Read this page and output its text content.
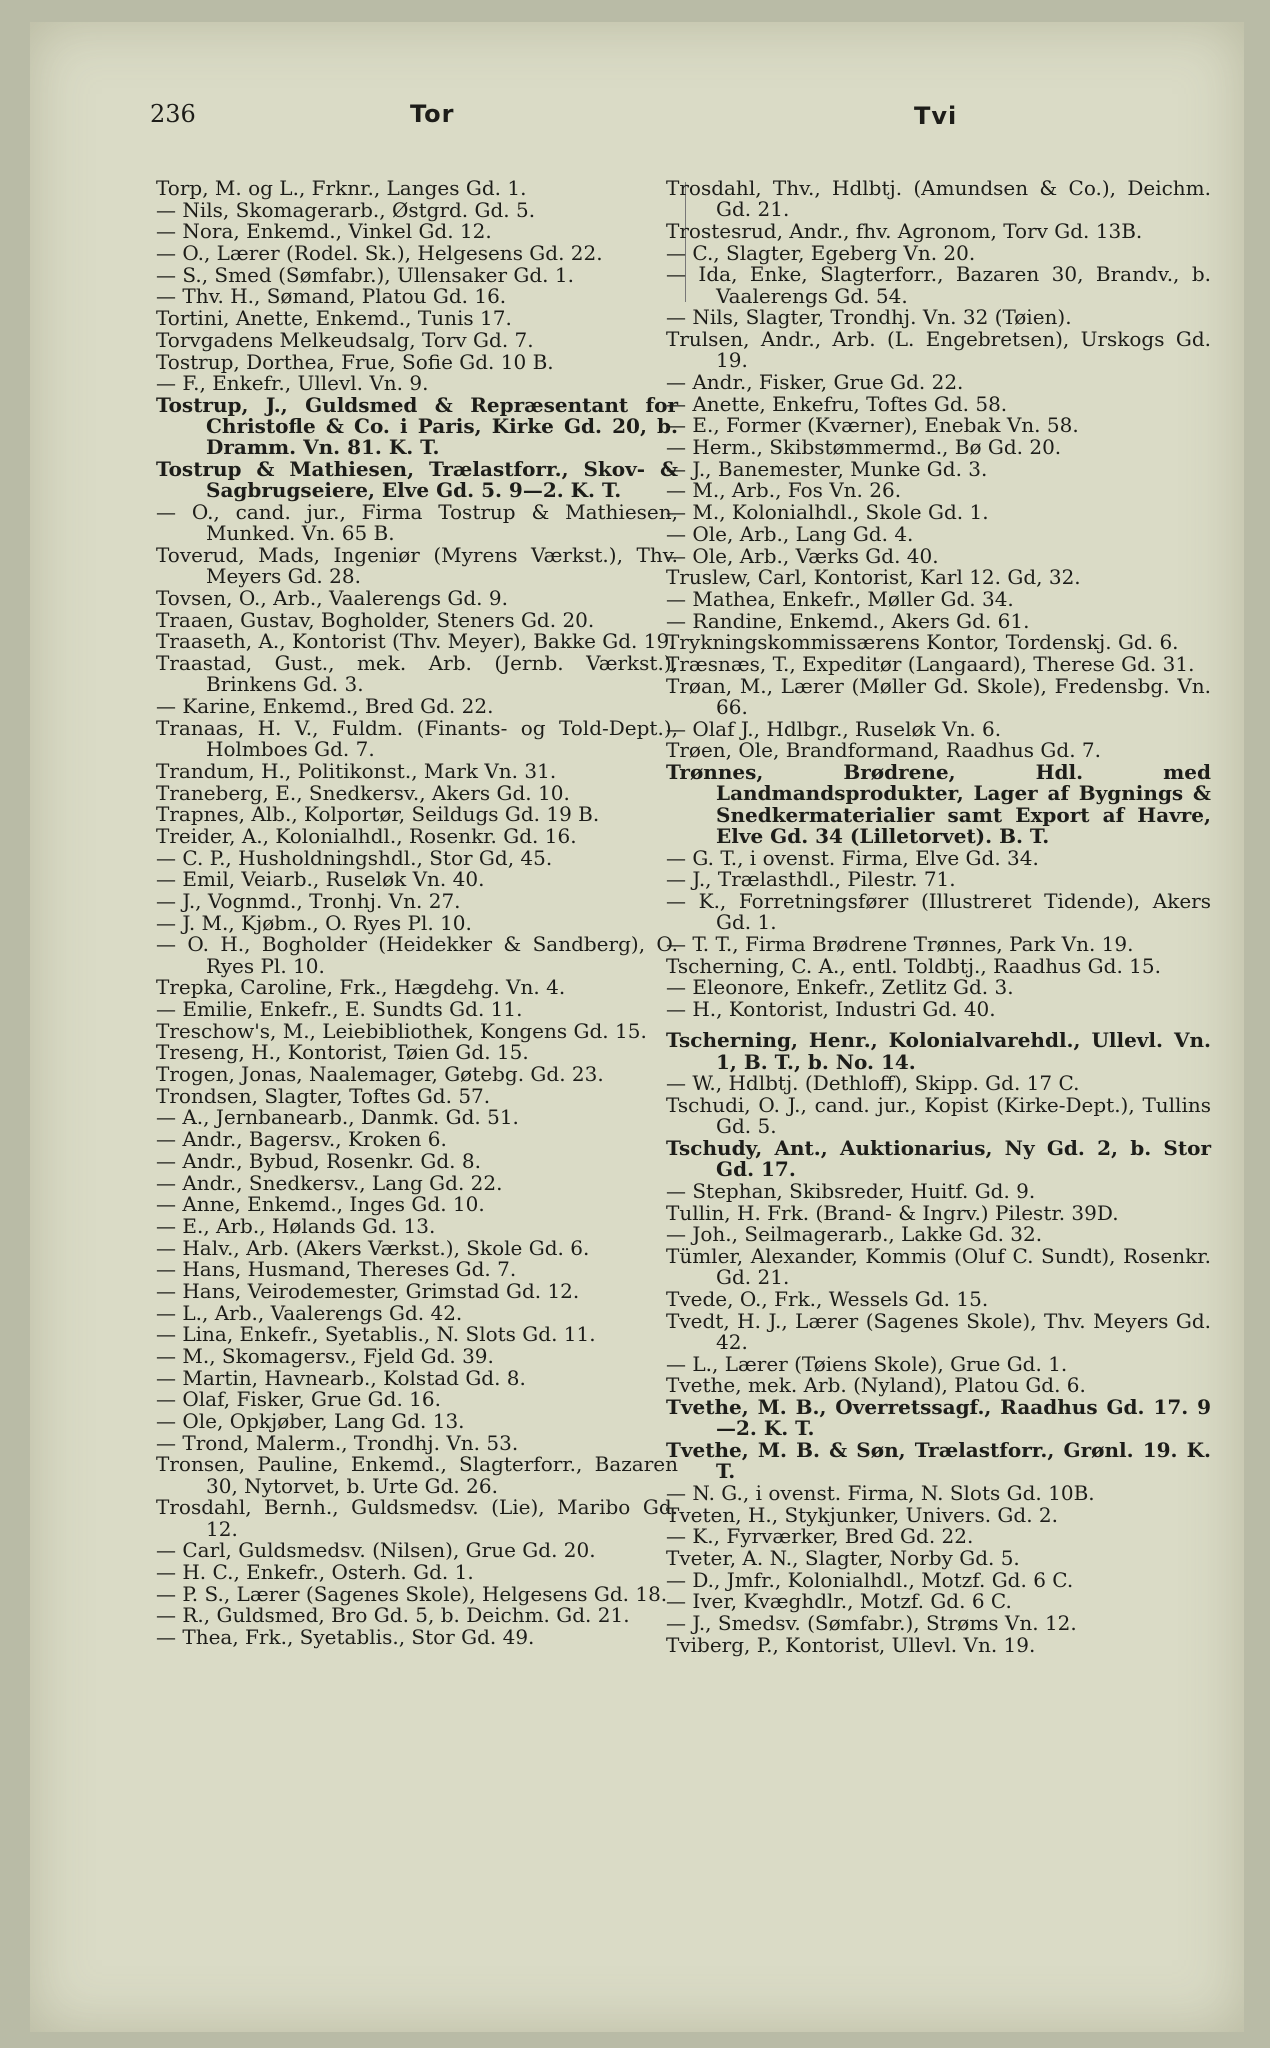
236	Tor	Tvi
Torp, M. og L., Frknr., Langes Gd. 1.
— Nils, Skomagerarb., Østgrd. Gd. 5.
— Nora, Enkemd., Vinkel Gd. 12.
— O., Lærer (Rodel. Sk.), Helgesens Gd. 22.
— S., Smed (Sømfabr.), Ullensaker Gd. 1.
— Thv. H., Sømand, Platou Gd. 16.
Tortini, Anette, Enkemd., Tunis 17.
Torvgadens Melkeudsalg, Torv Gd. 7.
Tostrup, Dorthea, Frue, Sofie Gd. 10 B.
— F., Enkefr., Ullevl. Vn. 9.
Tostrup, J., Guldsmed & Repræsentant for Christofle & Co. i Paris, Kirke Gd. 20, b. Dramm. Vn. 81. K. T.
Tostrup & Mathiesen, Trælastforr., Skov- & Sagbrugseiere, Elve Gd. 5. 9—2. K. T.
— O., cand. jur., Firma Tostrup & Mathiesen, Munked. Vn. 65 B.
Toverud, Mads, Ingeniør (Myrens Værkst.), Thv. Meyers Gd. 28.
Tovsen, O., Arb., Vaalerengs Gd. 9.
Traaen, Gustav, Bogholder, Steners Gd. 20.
Traaseth, A., Kontorist (Thv. Meyer), Bakke Gd. 19.
Traastad, Gust., mek. Arb. (Jernb. Værkst.), Brinkens Gd. 3.
— Karine, Enkemd., Bred Gd. 22.
Tranaas, H. V., Fuldm. (Finants- og Told-Dept.), Holmboes Gd. 7.
Trandum, H., Politikonst., Mark Vn. 31.
Traneberg, E., Snedkersv., Akers Gd. 10.
Trapnes, Alb., Kolportør, Seildugs Gd. 19 B.
Treider, A., Kolonialhdl., Rosenkr. Gd. 16.
— C. P., Husholdningshdl., Stor Gd, 45.
— Emil, Veiarb., Ruseløk Vn. 40.
— J., Vognmd., Tronhj. Vn. 27.
— J. M., Kjøbm., O. Ryes Pl. 10.
— O. H., Bogholder (Heidekker & Sandberg), O. Ryes Pl. 10.
Trepka, Caroline, Frk., Hægdehg. Vn. 4.
— Emilie, Enkefr., E. Sundts Gd. 11.
Treschow's, M., Leiebibliothek, Kongens Gd. 15.
Treseng, H., Kontorist, Tøien Gd. 15.
Trogen, Jonas, Naalemager, Gøtebg. Gd. 23.
Trondsen, Slagter, Toftes Gd. 57.
— A., Jernbanearb., Danmk. Gd. 51.
— Andr., Bagersv., Kroken 6.
— Andr., Bybud, Rosenkr. Gd. 8.
— Andr., Snedkersv., Lang Gd. 22.
— Anne, Enkemd., Inges Gd. 10.
— E., Arb., Hølands Gd. 13.
— Halv., Arb. (Akers Værkst.), Skole Gd. 6.
— Hans, Husmand, Thereses Gd. 7.
— Hans, Veirodemester, Grimstad Gd. 12.
— L., Arb., Vaalerengs Gd. 42.
— Lina, Enkefr., Syetablis., N. Slots Gd. 11.
— M., Skomagersv., Fjeld Gd. 39.
— Martin, Havnearb., Kolstad Gd. 8.
— Olaf, Fisker, Grue Gd. 16.
— Ole, Opkjøber, Lang Gd. 13.
— Trond, Malerm., Trondhj. Vn. 53.
Tronsen, Pauline, Enkemd., Slagterforr., Bazaren 30, Nytorvet, b. Urte Gd. 26.
Trosdahl, Bernh., Guldsmedsv. (Lie), Maribo Gd. 12.
— Carl, Guldsmedsv. (Nilsen), Grue Gd. 20.
— H. C., Enkefr., Osterh. Gd. 1.
— P. S., Lærer (Sagenes Skole), Helgesens Gd. 18.
— R., Guldsmed, Bro Gd. 5, b. Deichm. Gd. 21.
— Thea, Frk., Syetablis., Stor Gd. 49.
Trosdahl, Thv., Hdlbtj. (Amundsen & Co.), Deichm. Gd. 21.
Trostesrud, Andr., fhv. Agronom, Torv Gd. 13B.
— C., Slagter, Egeberg Vn. 20.
— Ida, Enke, Slagterforr., Bazaren 30, Brandv., b. Vaalerengs Gd. 54.
— Nils, Slagter, Trondhj. Vn. 32 (Tøien).
Trulsen, Andr., Arb. (L. Engebretsen), Urskogs Gd. 19.
— Andr., Fisker, Grue Gd. 22.
— Anette, Enkefru, Toftes Gd. 58.
— E., Former (Kværner), Enebak Vn. 58.
— Herm., Skibstømmermd., Bø Gd. 20.
— J., Banemester, Munke Gd. 3.
— M., Arb., Fos Vn. 26.
— M., Kolonialhdl., Skole Gd. 1.
— Ole, Arb., Lang Gd. 4.
— Ole, Arb., Værks Gd. 40.
Truslew, Carl, Kontorist, Karl 12. Gd, 32.
— Mathea, Enkefr., Møller Gd. 34.
— Randine, Enkemd., Akers Gd. 61.
Trykningskommissærens Kontor, Tordenskj. Gd. 6.
Træsnæs, T., Expeditør (Langaard), Therese Gd. 31.
Trøan, M., Lærer (Møller Gd. Skole), Fredensbg. Vn. 66.
— Olaf J., Hdlbgr., Ruseløk Vn. 6.
Trøen, Ole, Brandformand, Raadhus Gd. 7.
Trønnes, Brødrene, Hdl. med Landmandsprodukter, Lager af Bygnings & Snedkermaterialier samt Export af Havre, Elve Gd. 34 (Lilletorvet). B. T.
— G. T., i ovenst. Firma, Elve Gd. 34.
— J., Trælasthdl., Pilestr. 71.
— K., Forretningsfører (Illustreret Tidende), Akers Gd. 1.
— T. T., Firma Brødrene Trønnes, Park Vn. 19.
Tscherning, C. A., entl. Toldbtj., Raadhus Gd. 15.
— Eleonore, Enkefr., Zetlitz Gd. 3.
— H., Kontorist, Industri Gd. 40.
Tscherning, Henr., Kolonialvarehdl., Ullevl. Vn. 1, B. T., b. No. 14.
— W., Hdlbtj. (Dethloff), Skipp. Gd. 17 C.
Tschudi, O. J., cand. jur., Kopist (Kirke-Dept.), Tullins Gd. 5.
Tschudy, Ant., Auktionarius, Ny Gd. 2, b. Stor Gd. 17.
— Stephan, Skibsreder, Huitf. Gd. 9.
Tullin, H. Frk. (Brand- & Ingrv.) Pilestr. 39D.
— Joh., Seilmagerarb., Lakke Gd. 32.
Tümler, Alexander, Kommis (Oluf C. Sundt), Rosenkr. Gd. 21.
Tvede, O., Frk., Wessels Gd. 15.
Tvedt, H. J., Lærer (Sagenes Skole), Thv. Meyers Gd. 42.
— L., Lærer (Tøiens Skole), Grue Gd. 1.
Tvethe, mek. Arb. (Nyland), Platou Gd. 6.
Tvethe, M. B., Overretssagf., Raadhus Gd. 17. 9—2. K. T.
Tvethe, M. B. & Søn, Trælastforr., Grønl. 19. K. T.
— N. G., i ovenst. Firma, N. Slots Gd. 10B.
Tveten, H., Stykjunker, Univers. Gd. 2.
— K., Fyrværker, Bred Gd. 22.
Tveter, A. N., Slagter, Norby Gd. 5.
— D., Jmfr., Kolonialhdl., Motzf. Gd. 6 C.
— Iver, Kvæghdlr., Motzf. Gd. 6 C.
— J., Smedsv. (Sømfabr.), Strøms Vn. 12.
Tviberg, P., Kontorist, Ullevl. Vn. 19.
